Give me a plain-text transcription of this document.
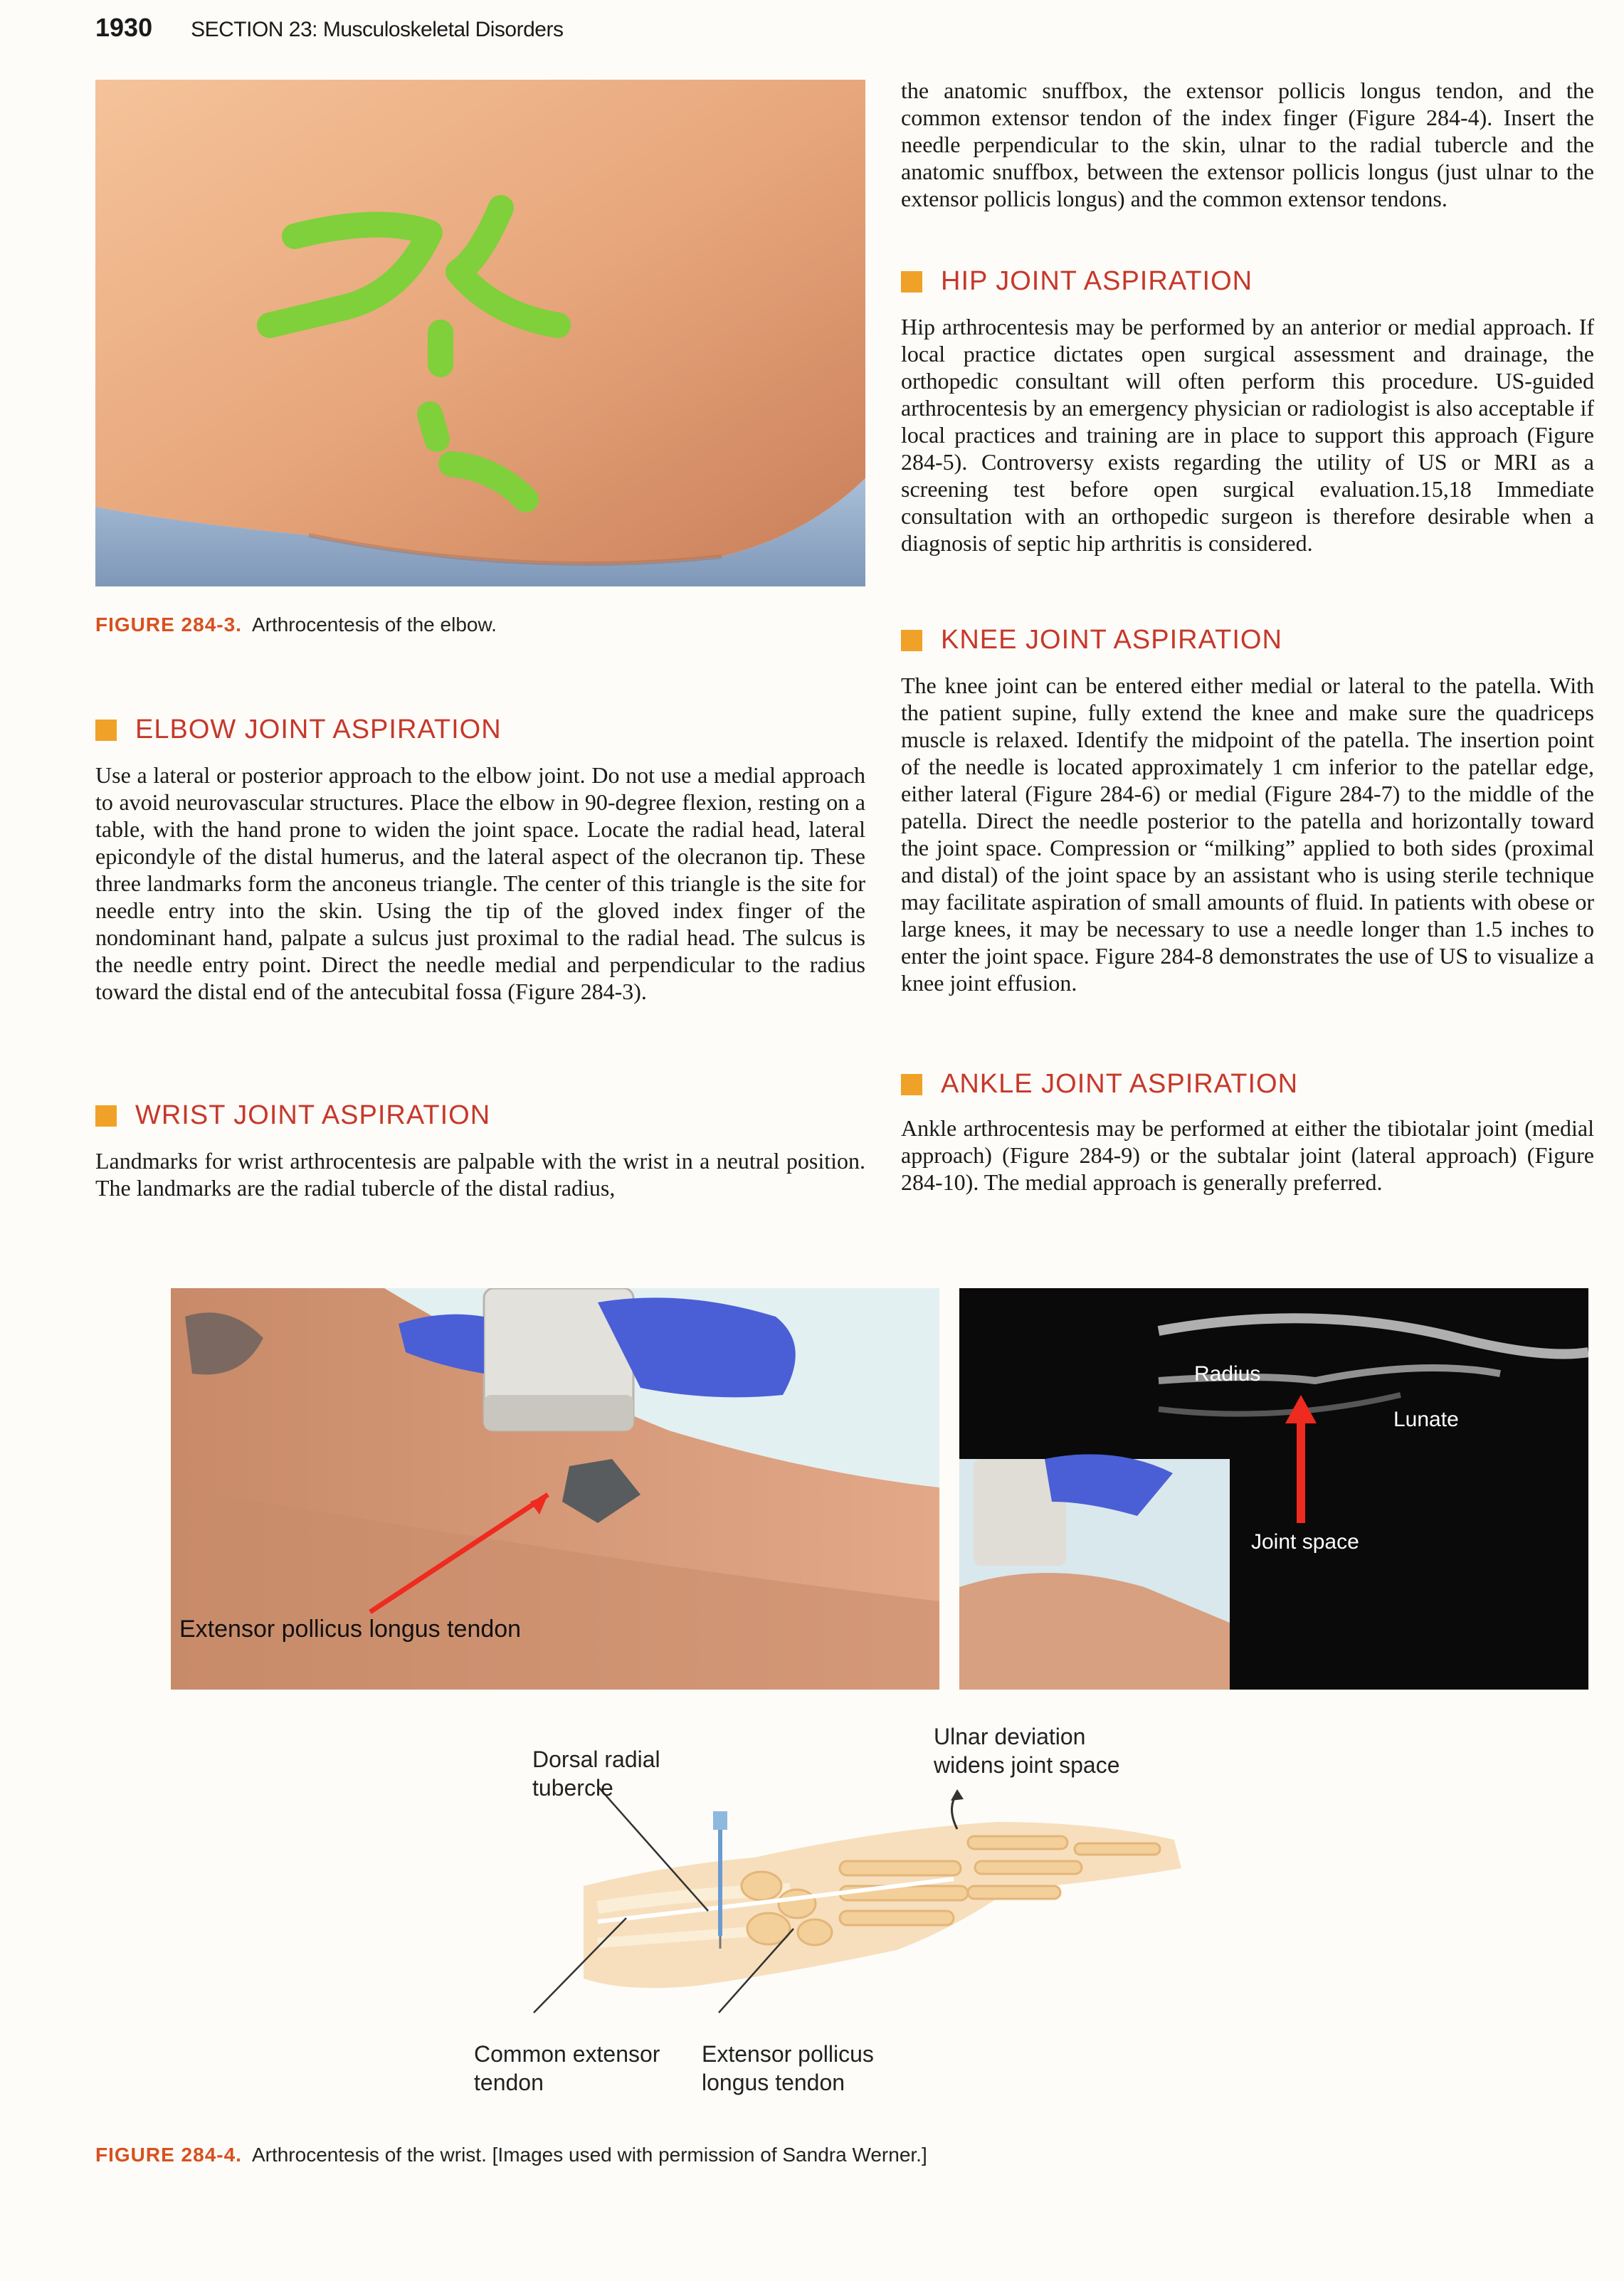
1930 SECTION 23: Musculoskeletal Disorders
FIGURE 284-3. Arthrocentesis of the elbow.
ELBOW JOINT ASPIRATION

Use a lateral or posterior approach to the elbow joint. Do not use a medial approach to avoid neurovascular structures. Place the elbow in 90-degree flexion, resting on a table, with the hand prone to widen the joint space. Locate the radial head, lateral epicondyle of the distal humerus, and the lateral aspect of the olecranon tip. These three landmarks form the anconeus triangle. The center of this triangle is the site for needle entry into the skin. Using the tip of the gloved index finger of the nondominant hand, palpate a sulcus just proximal to the radial head. The sulcus is the needle entry point. Direct the needle medial and perpendicular to the radius toward the distal end of the antecubital fossa (Figure 284-3).

WRIST JOINT ASPIRATION

Landmarks for wrist arthrocentesis are palpable with the wrist in a neutral position. The landmarks are the radial tubercle of the distal radius,

the anatomic snuffbox, the extensor pollicis longus tendon, and the common extensor tendon of the index finger (Figure 284-4). Insert the needle perpendicular to the skin, ulnar to the radial tubercle and the anatomic snuffbox, between the extensor pollicis longus (just ulnar to the extensor pollicis longus) and the common extensor tendons.

HIP JOINT ASPIRATION

Hip arthrocentesis may be performed by an anterior or medial approach. If local practice dictates open surgical assessment and drainage, the orthopedic consultant will often perform this procedure. US-guided arthrocentesis by an emergency physician or radiologist is also acceptable if local practices and training are in place to support this approach (Figure 284-5). Controversy exists regarding the utility of US or MRI as a screening test before open surgical evaluation.15,18 Immediate consultation with an orthopedic surgeon is therefore desirable when a diagnosis of septic hip arthritis is considered.

KNEE JOINT ASPIRATION

The knee joint can be entered either medial or lateral to the patella. With the patient supine, fully extend the knee and make sure the quadriceps muscle is relaxed. Identify the midpoint of the patella. The insertion point of the needle is located approximately 1 cm inferior to the patellar edge, either lateral (Figure 284-6) or medial (Figure 284-7) to the middle of the patella. Direct the needle posterior to the patella and horizontally toward the joint space. Compression or “milking” applied to both sides (proximal and distal) of the joint space by an assistant who is using sterile technique may facilitate aspiration of small amounts of fluid. In patients with obese or large knees, it may be necessary to use a needle longer than 1.5 inches to enter the joint space. Figure 284-8 demonstrates the use of US to visualize a knee joint effusion.

ANKLE JOINT ASPIRATION

Ankle arthrocentesis may be performed at either the tibiotalar joint (medial approach) (Figure 284-9) or the subtalar joint (lateral approach) (Figure 284-10). The medial approach is generally preferred.

Extensor pollicus longus tendon
Radius
Lunate
Joint space
Dorsal radial
tubercle
Ulnar deviation
widens joint space
Common extensor
tendon
Extensor pollicus
longus tendon
FIGURE 284-4. Arthrocentesis of the wrist. [Images used with permission of Sandra Werner.]
